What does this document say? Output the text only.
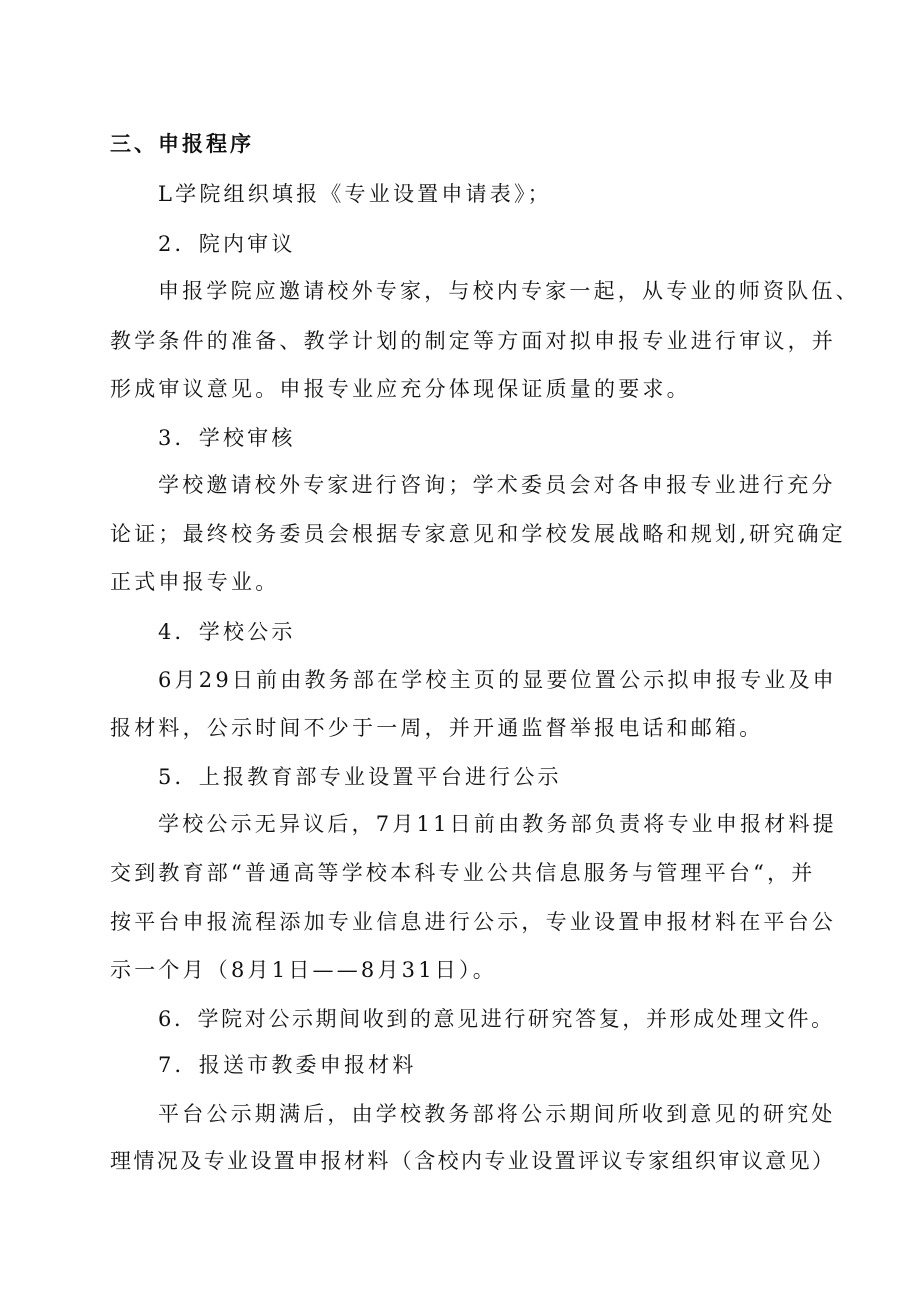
三、申报程序
L学院组织填报《专业设置申请表》；
2．院内审议
申报学院应邀请校外专家，与校内专家一起，从专业的师资队伍、
教学条件的准备、教学计划的制定等方面对拟申报专业进行审议，并
形成审议意见。申报专业应充分体现保证质量的要求。
3．学校审核
学校邀请校外专家进行咨询；学术委员会对各申报专业进行充分
论证；最终校务委员会根据专家意见和学校发展战略和规划,研究确定
正式申报专业。
4．学校公示
6月29日前由教务部在学校主页的显要位置公示拟申报专业及申
报材料，公示时间不少于一周，并开通监督举报电话和邮箱。
5．上报教育部专业设置平台进行公示
学校公示无异议后，7月11日前由教务部负责将专业申报材料提
交到教育部“普通高等学校本科专业公共信息服务与管理平台“，并
按平台申报流程添加专业信息进行公示，专业设置申报材料在平台公
示一个月（8月1日——8月31日）。
6．学院对公示期间收到的意见进行研究答复，并形成处理文件。
7．报送市教委申报材料
平台公示期满后，由学校教务部将公示期间所收到意见的研究处
理情况及专业设置申报材料（含校内专业设置评议专家组织审议意见）
